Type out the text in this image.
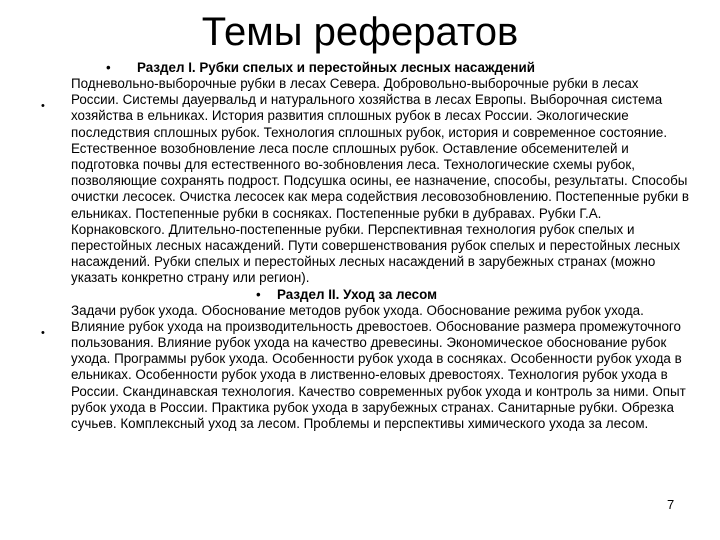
Темы рефератов
• Раздел I. Рубки спелых и перестойных лесных насаждений
•
Подневольно-выборочные рубки в лесах Севера. Добровольно-выборочные рубки в лесах России. Системы дауервальд и натурального хозяйства в лесах Европы. Выборочная система хозяйства в ельниках. История развития сплошных рубок в лесах России. Экологические последствия сплошных рубок. Технология сплошных рубок, история и современное состояние. Естественное возобновление леса после сплошных рубок. Оставление обсеменителей и подготовка почвы для естественного во-зобновления леса. Технологические схемы рубок, позволяющие сохранять подрост. Подсушка осины, ее назначение, способы, результаты. Способы очистки лесосек. Очистка лесосек как мера содействия лесовозобновлению. Постепенные рубки в ельниках. Постепенные рубки в сосняках. Постепенные рубки в дубравах. Рубки Г.А. Корнаковского. Длительно-постепенные рубки. Перспективная технология рубок спелых и перестойных лесных насаждений. Пути совершенствования рубок спелых и перестойных лесных насаждений. Рубки спелых и перестойных лесных насаждений в зарубежных странах (можно указать конкретно страну или регион).
• Раздел II. Уход за лесом
•
Задачи рубок ухода. Обоснование методов рубок ухода. Обоснование режима рубок ухода. Влияние рубок ухода на производительность древостоев. Обоснование размера промежуточного пользования. Влияние рубок ухода на качество древесины. Экономическое обоснование рубок ухода. Программы рубок ухода. Особенности рубок ухода в сосняках. Особенности рубок ухода в ельниках. Особенности рубок ухода в лиственно-еловых древостоях. Технология рубок ухода в России. Скандинавская технология. Качество современных рубок ухода и контроль за ними. Опыт рубок ухода в России. Практика рубок ухода в зарубежных странах. Санитарные рубки. Обрезка сучьев. Комплексный уход за лесом. Проблемы и перспективы химического ухода за лесом.
7
